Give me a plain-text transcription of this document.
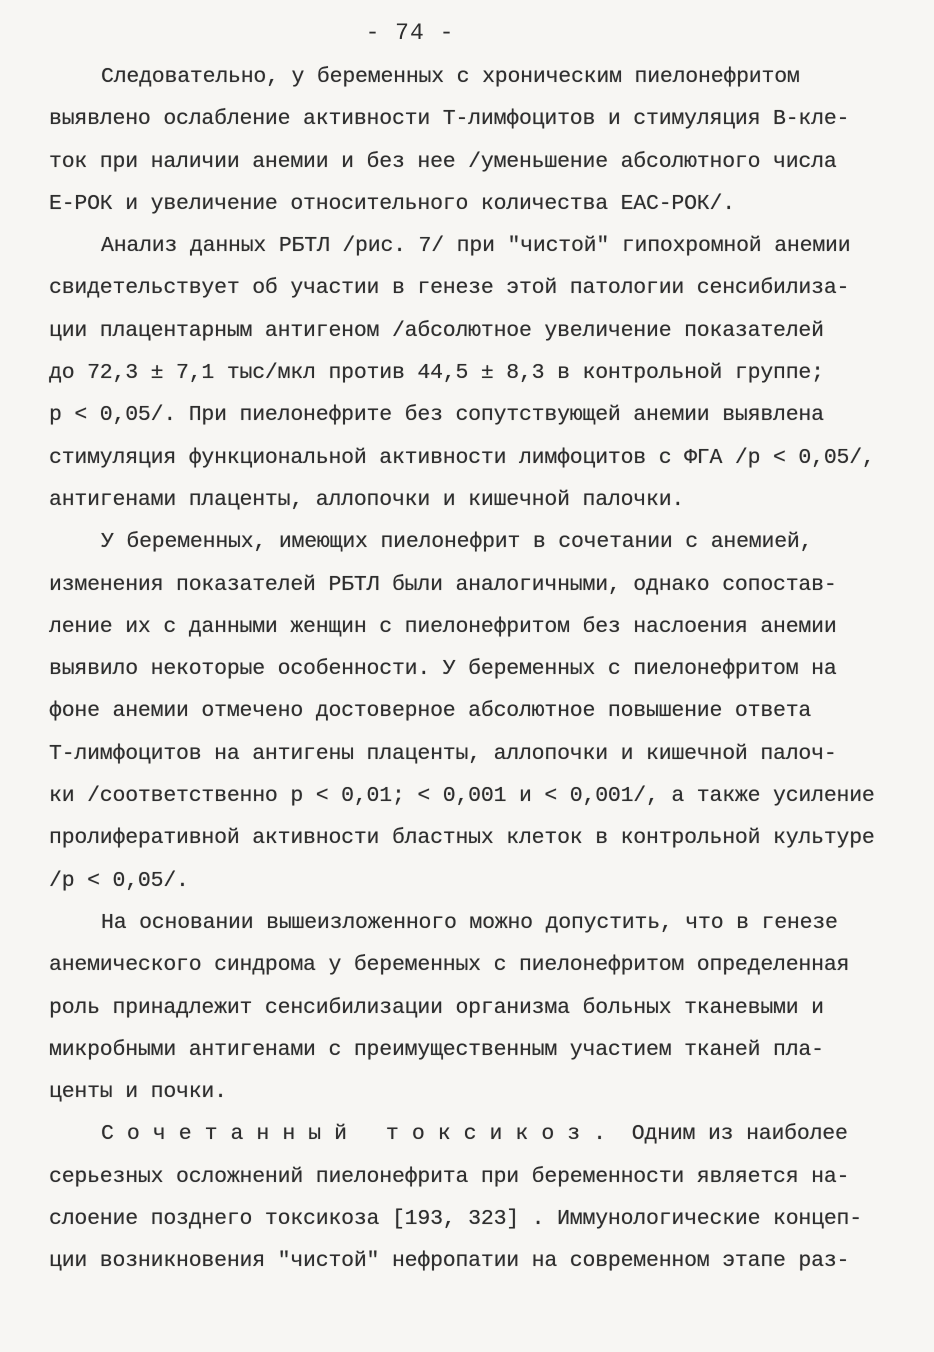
- 74 -
Следовательно, у беременных с хроническим пиелонефритом
выявлено ослабление активности Т-лимфоцитов и стимуляция В-кле-
ток при наличии анемии и без нее /уменьшение абсолютного числа
Е-РОК и увеличение относительного количества ЕАС-РОК/.
Анализ данных РБТЛ /рис. 7/ при "чистой" гипохромной анемии
свидетельствует об участии в генезе этой патологии сенсибилиза-
ции плацентарным антигеном /абсолютное увеличение показателей
до 72,3 ± 7,1 тыс/мкл против 44,5 ± 8,3 в контрольной группе;
р < 0,05/. При пиелонефрите без сопутствующей анемии выявлена
стимуляция функциональной активности лимфоцитов с ФГА /р < 0,05/,
антигенами плаценты, аллопочки и кишечной палочки.
У беременных, имеющих пиелонефрит в сочетании с анемией,
изменения показателей РБТЛ были аналогичными, однако сопостав-
ление их с данными женщин с пиелонефритом без наслоения анемии
выявило некоторые особенности. У беременных с пиелонефритом на
фоне анемии отмечено достоверное абсолютное повышение ответа
Т-лимфоцитов на антигены плаценты, аллопочки и кишечной палоч-
ки /соответственно р < 0,01; < 0,001 и < 0,001/, а также усиление
пролиферативной активности бластных клеток в контрольной культуре
/р < 0,05/.
На основании вышеизложенного можно допустить, что в генезе
анемического синдрома у беременных с пиелонефритом определенная
роль принадлежит сенсибилизации организма больных тканевыми и
микробными антигенами с преимущественным участием тканей пла-
центы и почки.
Сочетанный токсикоз. Одним из наиболее
серьезных осложнений пиелонефрита при беременности является на-
слоение позднего токсикоза [193, 323] . Иммунологические концеп-
ции возникновения "чистой" нефропатии на современном этапе раз-
